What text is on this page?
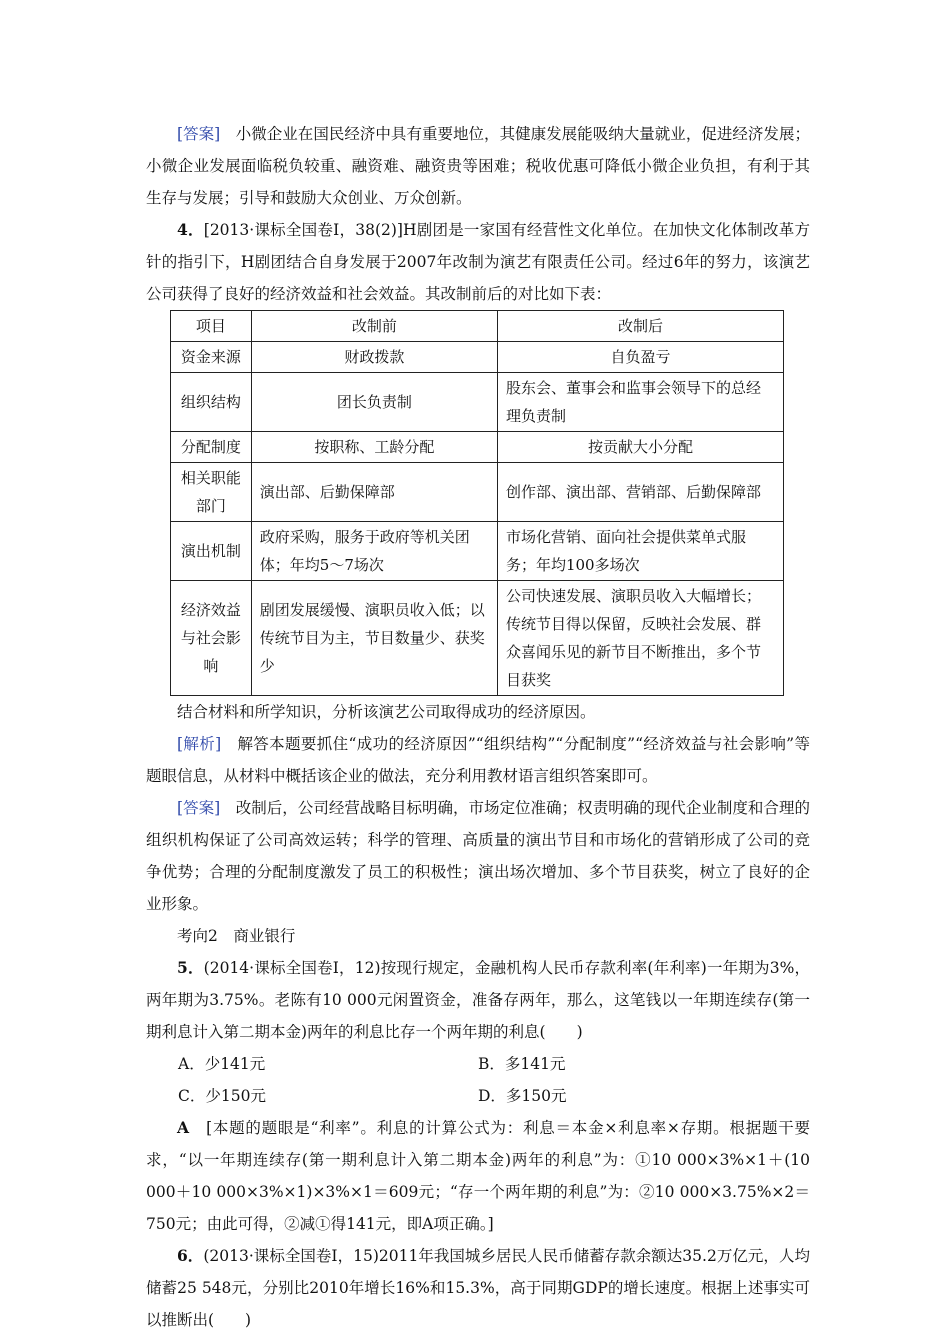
[答案]　 小微企业在国民经济中具有重要地位，其健康发展能吸纳大量就业，促进经济发展；小微企业发展面临税负较重、融资难、融资贵等困难；税收优惠可降低小微企业负担，有利于其生存与发展；引导和鼓励大众创业、万众创新。

4．[2013·课标全国卷Ⅰ，38(2)]H剧团是一家国有经营性文化单位。在加快文化体制改革方针的指引下，H剧团结合自身发展于2007年改制为演艺有限责任公司。经过6年的努力，该演艺公司获得了良好的经济效益和社会效益。其改制前后的对比如下表：

项目	改制前	改制后
资金来源	财政拨款	自负盈亏
组织结构	团长负责制	股东会、董事会和监事会领导下的总经理负责制
分配制度	按职称、工龄分配	按贡献大小分配
相关职能部门	演出部、后勤保障部	创作部、演出部、营销部、后勤保障部
演出机制	政府采购，服务于政府等机关团体；年均5～7场次	市场化营销、面向社会提供菜单式服务；年均100多场次
经济效益与社会影响	剧团发展缓慢、演职员收入低；以传统节目为主，节目数量少、获奖少	公司快速发展、演职员收入大幅增长；传统节目得以保留，反映社会发展、群众喜闻乐见的新节目不断推出，多个节目获奖

结合材料和所学知识，分析该演艺公司取得成功的经济原因。

[解析]　 解答本题要抓住“成功的经济原因”“组织结构”“分配制度”“经济效益与社会影响”等题眼信息，从材料中概括该企业的做法，充分利用教材语言组织答案即可。

[答案]　 改制后，公司经营战略目标明确，市场定位准确；权责明确的现代企业制度和合理的组织机构保证了公司高效运转；科学的管理、高质量的演出节目和市场化的营销形成了公司的竞争优势；合理的分配制度激发了员工的积极性；演出场次增加、多个节目获奖，树立了良好的企业形象。

考向2　商业银行

5．(2014·课标全国卷Ⅰ，12)按现行规定，金融机构人民币存款利率(年利率)一年期为3%，两年期为3.75%。老陈有10 000元闲置资金，准备存两年，那么，这笔钱以一年期连续存(第一期利息计入第二期本金)两年的利息比存一个两年期的利息(　　)

A．少141元	B．多141元
C．少150元	D．多150元

A　 [本题的题眼是“利率”。利息的计算公式为：利息＝本金×利息率×存期。根据题干要求，“以一年期连续存(第一期利息计入第二期本金)两年的利息”为：①10 000×3%×1＋(10 000＋10 000×3%×1)×3%×1＝609元；“存一个两年期的利息”为：②10 000×3.75%×2＝750元；由此可得，②减①得141元，即A项正确。]

6．(2013·课标全国卷Ⅰ，15)2011年我国城乡居民人民币储蓄存款余额达35.2万亿元，人均储蓄25 548元，分别比2010年增长16%和15.3%，高于同期GDP的增长速度。根据上述事实可以推断出(　　)
